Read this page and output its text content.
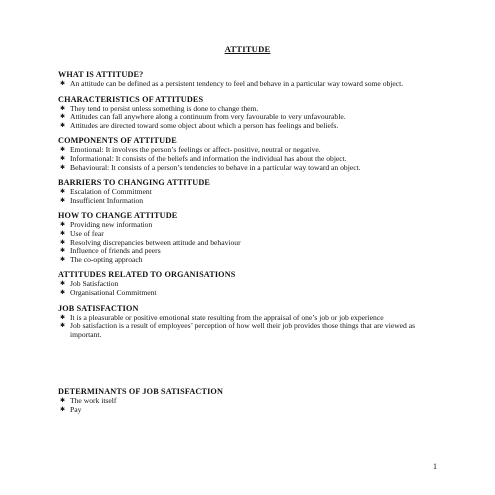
ATTITUDE
WHAT IS ATTITUDE?
✱ An attitude can be defined as a persistent tendency to feel and behave in a particular way toward some object.
CHARACTERISTICS OF ATTITUDES
✱ They tend to persist unless something is done to change them.
✱ Attitudes can fall anywhere along a continuum from very favourable to very unfavourable.
✱ Attitudes are directed toward some object about which a person has feelings and beliefs.
COMPONENTS OF ATTITUDE
✱ Emotional: It involves the person’s feelings or affect- positive, neutral or negative.
✱ Informational: It consists of the beliefs and information the individual has about the object.
✱ Behavioural: It consists of a person’s tendencies to behave in a particular way toward an object.
BARRIERS TO CHANGING ATTITUDE
✱ Escalation of Commitment
✱ Insufficient Information
HOW TO CHANGE ATTITUDE
✱ Providing new information
✱ Use of fear
✱ Resolving discrepancies between attitude and behaviour
✱ Influence of friends and peers
✱ The co-opting approach
ATTITUDES RELATED TO ORGANISATIONS
✱ Job Satisfaction
✱ Organisational Commitment
JOB SATISFACTION
✱ It is a pleasurable or positive emotional state resulting from the appraisal of one’s job or job experience
✱ Job satisfaction is a result of employees’ perception of how well their job provides those things that are viewed as important.
DETERMINANTS OF JOB SATISFACTION
✱ The work itself
✱ Pay
1
